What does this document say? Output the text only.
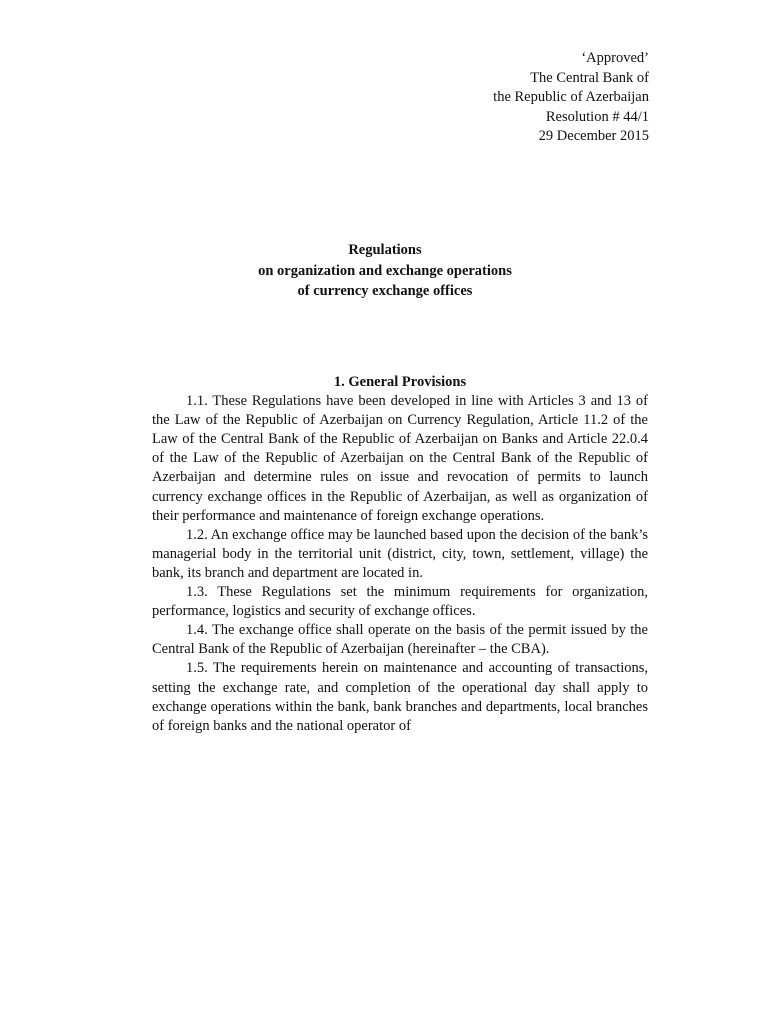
‘Approved’
The Central Bank of
the Republic of Azerbaijan
Resolution # 44/1
29 December 2015
Regulations
on organization and exchange operations
of currency exchange offices
1. General Provisions

1.1. These Regulations have been developed in line with Articles 3 and 13 of the Law of the Republic of Azerbaijan on Currency Regulation, Article 11.2 of the Law of the Central Bank of the Republic of Azerbaijan on Banks and Article 22.0.4 of the Law of the Republic of Azerbaijan on the Central Bank of the Republic of Azerbaijan and determine rules on issue and revocation of permits to launch currency exchange offices in the Republic of Azerbaijan, as well as organization of their performance and maintenance of foreign exchange operations.

1.2. An exchange office may be launched based upon the decision of the bank’s managerial body in the territorial unit (district, city, town, settlement, village) the bank, its branch and department are located in.

1.3. These Regulations set the minimum requirements for organization, performance, logistics and security of exchange offices.

1.4. The exchange office shall operate on the basis of the permit issued by the Central Bank of the Republic of Azerbaijan (hereinafter – the CBA).

1.5. The requirements herein on maintenance and accounting of transactions, setting the exchange rate, and completion of the operational day shall apply to exchange operations within the bank, bank branches and departments, local branches of foreign banks and the national operator of
